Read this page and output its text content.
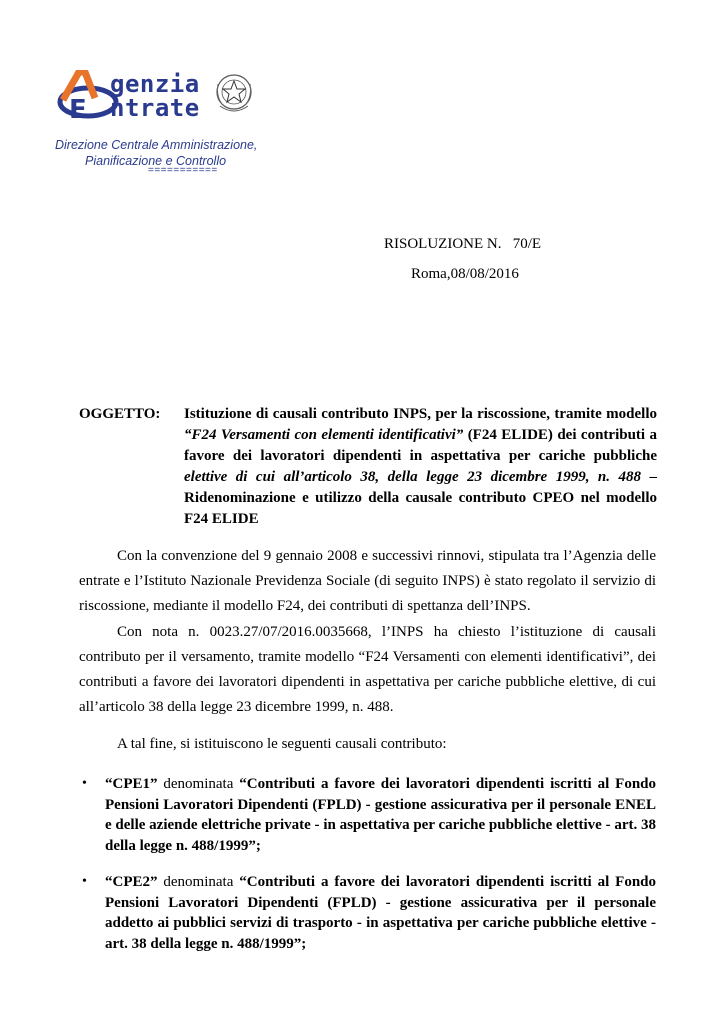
E
genzia
ntrate
Direzione Centrale Amministrazione,
Pianificazione e Controllo
===========
RISOLUZIONE N.   70/E
Roma,08/08/2016
OGGETTO: Istituzione di causali contributo INPS, per la riscossione, tramite modello “F24 Versamenti con elementi identificativi” (F24 ELIDE) dei contributi a favore dei lavoratori dipendenti in aspettativa per cariche pubbliche elettive di cui all’articolo 38, della legge 23 dicembre 1999, n. 488 – Ridenominazione e utilizzo della causale contributo CPEO nel modello F24 ELIDE

Con la convenzione del 9 gennaio 2008 e successivi rinnovi, stipulata tra l’Agenzia delle entrate e l’Istituto Nazionale Previdenza Sociale (di seguito INPS) è stato regolato il servizio di riscossione, mediante il modello F24, dei contributi di spettanza dell’INPS.

Con nota n. 0023.27/07/2016.0035668, l’INPS ha chiesto l’istituzione di causali contributo per il versamento, tramite modello “F24 Versamenti con elementi identificativi”, dei contributi a favore dei lavoratori dipendenti in aspettativa per cariche pubbliche elettive, di cui all’articolo 38 della legge 23 dicembre 1999, n. 488.

A tal fine, si istituiscono le seguenti causali contributo:

• “CPE1” denominata “Contributi a favore dei lavoratori dipendenti iscritti al Fondo Pensioni Lavoratori Dipendenti (FPLD) - gestione assicurativa per il personale ENEL e delle aziende elettriche private - in aspettativa per cariche pubbliche elettive - art. 38 della legge n. 488/1999”;
• “CPE2” denominata “Contributi a favore dei lavoratori dipendenti iscritti al Fondo Pensioni Lavoratori Dipendenti (FPLD) - gestione assicurativa per il personale addetto ai pubblici servizi di trasporto - in aspettativa per cariche pubbliche elettive - art. 38 della legge n. 488/1999”;
